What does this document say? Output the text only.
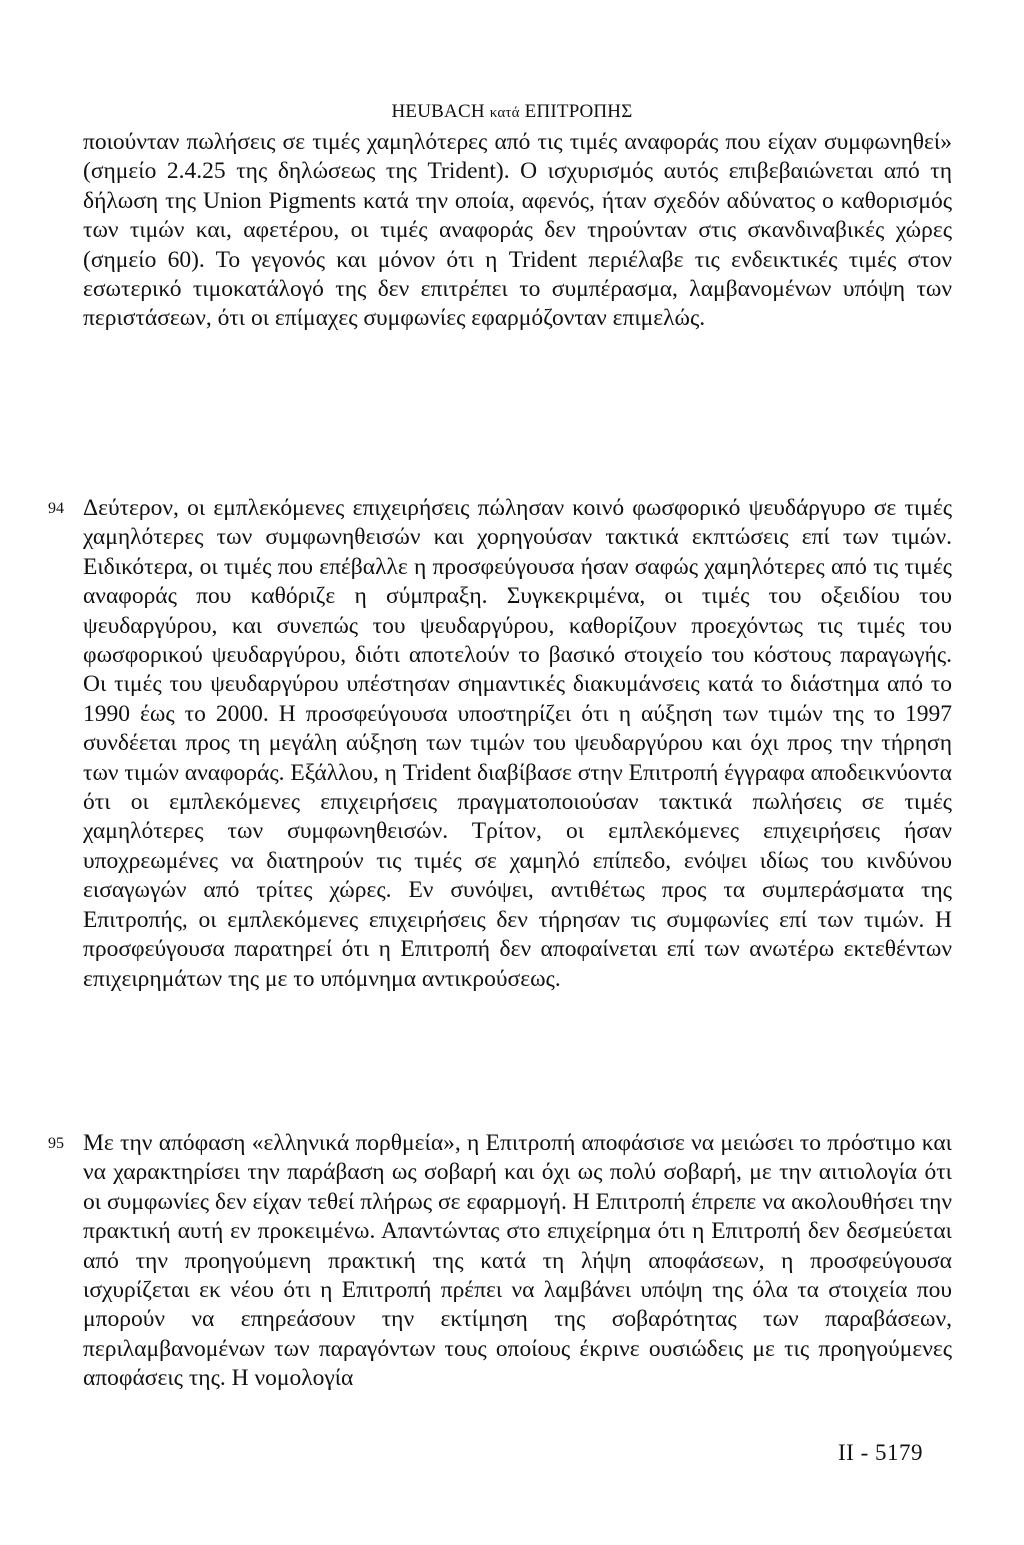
HEUBACH κατά ΕΠΙΤΡΟΠΗΣ
ποιούνταν πωλήσεις σε τιμές χαμηλότερες από τις τιμές αναφοράς που είχαν συμφωνηθεί» (σημείο 2.4.25 της δηλώσεως της Trident). Ο ισχυρισμός αυτός επιβεβαιώνεται από τη δήλωση της Union Pigments κατά την οποία, αφενός, ήταν σχεδόν αδύνατος ο καθορισμός των τιμών και, αφετέρου, οι τιμές αναφοράς δεν τηρούνταν στις σκανδιναβικές χώρες (σημείο 60). Το γεγονός και μόνον ότι η Trident περιέλαβε τις ενδεικτικές τιμές στον εσωτερικό τιμοκατάλογό της δεν επιτρέπει το συμπέρασμα, λαμβανομένων υπόψη των περιστάσεων, ότι οι επίμαχες συμφωνίες εφαρμόζονταν επιμελώς.
94 Δεύτερον, οι εμπλεκόμενες επιχειρήσεις πώλησαν κοινό φωσφορικό ψευδάργυρο σε τιμές χαμηλότερες των συμφωνηθεισών και χορηγούσαν τακτικά εκπτώσεις επί των τιμών. Ειδικότερα, οι τιμές που επέβαλλε η προσφεύγουσα ήσαν σαφώς χαμηλότερες από τις τιμές αναφοράς που καθόριζε η σύμπραξη. Συγκεκριμένα, οι τιμές του οξειδίου του ψευδαργύρου, και συνεπώς του ψευδαργύρου, καθορίζουν προεχόντως τις τιμές του φωσφορικού ψευδαργύρου, διότι αποτελούν το βασικό στοιχείο του κόστους παραγωγής. Οι τιμές του ψευδαργύρου υπέστησαν σημαντικές διακυμάνσεις κατά το διάστημα από το 1990 έως το 2000. Η προσφεύγουσα υποστηρίζει ότι η αύξηση των τιμών της το 1997 συνδέεται προς τη μεγάλη αύξηση των τιμών του ψευδαργύρου και όχι προς την τήρηση των τιμών αναφοράς. Εξάλλου, η Trident διαβίβασε στην Επιτροπή έγγραφα αποδεικνύοντα ότι οι εμπλεκόμενες επιχειρήσεις πραγματοποιούσαν τακτικά πωλήσεις σε τιμές χαμηλότερες των συμφωνηθεισών. Τρίτον, οι εμπλεκόμενες επιχειρήσεις ήσαν υποχρεωμένες να διατηρούν τις τιμές σε χαμηλό επίπεδο, ενόψει ιδίως του κινδύνου εισαγωγών από τρίτες χώρες. Εν συνόψει, αντιθέτως προς τα συμπεράσματα της Επιτροπής, οι εμπλεκόμενες επιχειρήσεις δεν τήρησαν τις συμφωνίες επί των τιμών. Η προσφεύγουσα παρατηρεί ότι η Επιτροπή δεν αποφαίνεται επί των ανωτέρω εκτεθέντων επιχειρημάτων της με το υπόμνημα αντικρούσεως.
95 Με την απόφαση «ελληνικά πορθμεία», η Επιτροπή αποφάσισε να μειώσει το πρόστιμο και να χαρακτηρίσει την παράβαση ως σοβαρή και όχι ως πολύ σοβαρή, με την αιτιολογία ότι οι συμφωνίες δεν είχαν τεθεί πλήρως σε εφαρμογή. Η Επιτροπή έπρεπε να ακολουθήσει την πρακτική αυτή εν προκειμένω. Απαντώντας στο επιχείρημα ότι η Επιτροπή δεν δεσμεύεται από την προηγούμενη πρακτική της κατά τη λήψη αποφάσεων, η προσφεύγουσα ισχυρίζεται εκ νέου ότι η Επιτροπή πρέπει να λαμβάνει υπόψη της όλα τα στοιχεία που μπορούν να επηρεάσουν την εκτίμηση της σοβαρότητας των παραβάσεων, περιλαμβανομένων των παραγόντων τους οποίους έκρινε ουσιώδεις με τις προηγούμενες αποφάσεις της. Η νομολογία
II - 5179
